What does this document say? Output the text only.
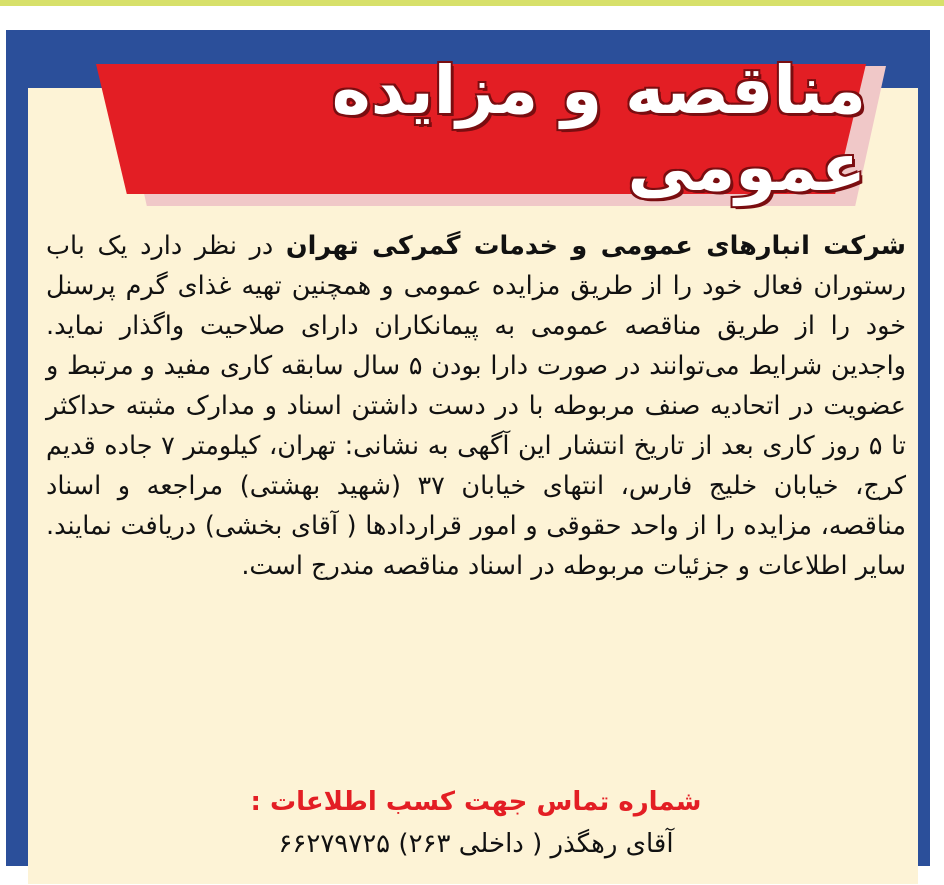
مناقصه و مزایده عمومی
شرکت انبارهای عمومی و خدمات گمرکی تهران در نظر دارد یک باب رستوران فعال خود را از طریق مزایده عمومی و همچنین تهیه غذای گرم پرسنل خود را از طریق مناقصه عمومی به پیمانکاران دارای صلاحیت واگذار نماید. واجدین شرایط می‌توانند در صورت دارا بودن ۵ سال سابقه کاری مفید و مرتبط و عضویت در اتحادیه صنف مربوطه با در دست داشتن اسناد و مدارک مثبته حداکثر تا ۵ روز کاری بعد از تاریخ انتشار این آگهی به نشانی: تهران، کیلومتر ۷ جاده قدیم کرج، خیابان خلیج فارس، انتهای خیابان ۳۷ (شهید بهشتی) مراجعه و اسناد مناقصه، مزایده را از واحد حقوقی و امور قراردادها ( آقای بخشی) دریافت نمایند. سایر اطلاعات و جزئیات مربوطه در اسناد مناقصه مندرج است.
شماره تماس جهت کسب اطلاعات :
آقای رهگذر ( داخلی ۲۶۳) ۶۶۲۷۹۷۲۵
